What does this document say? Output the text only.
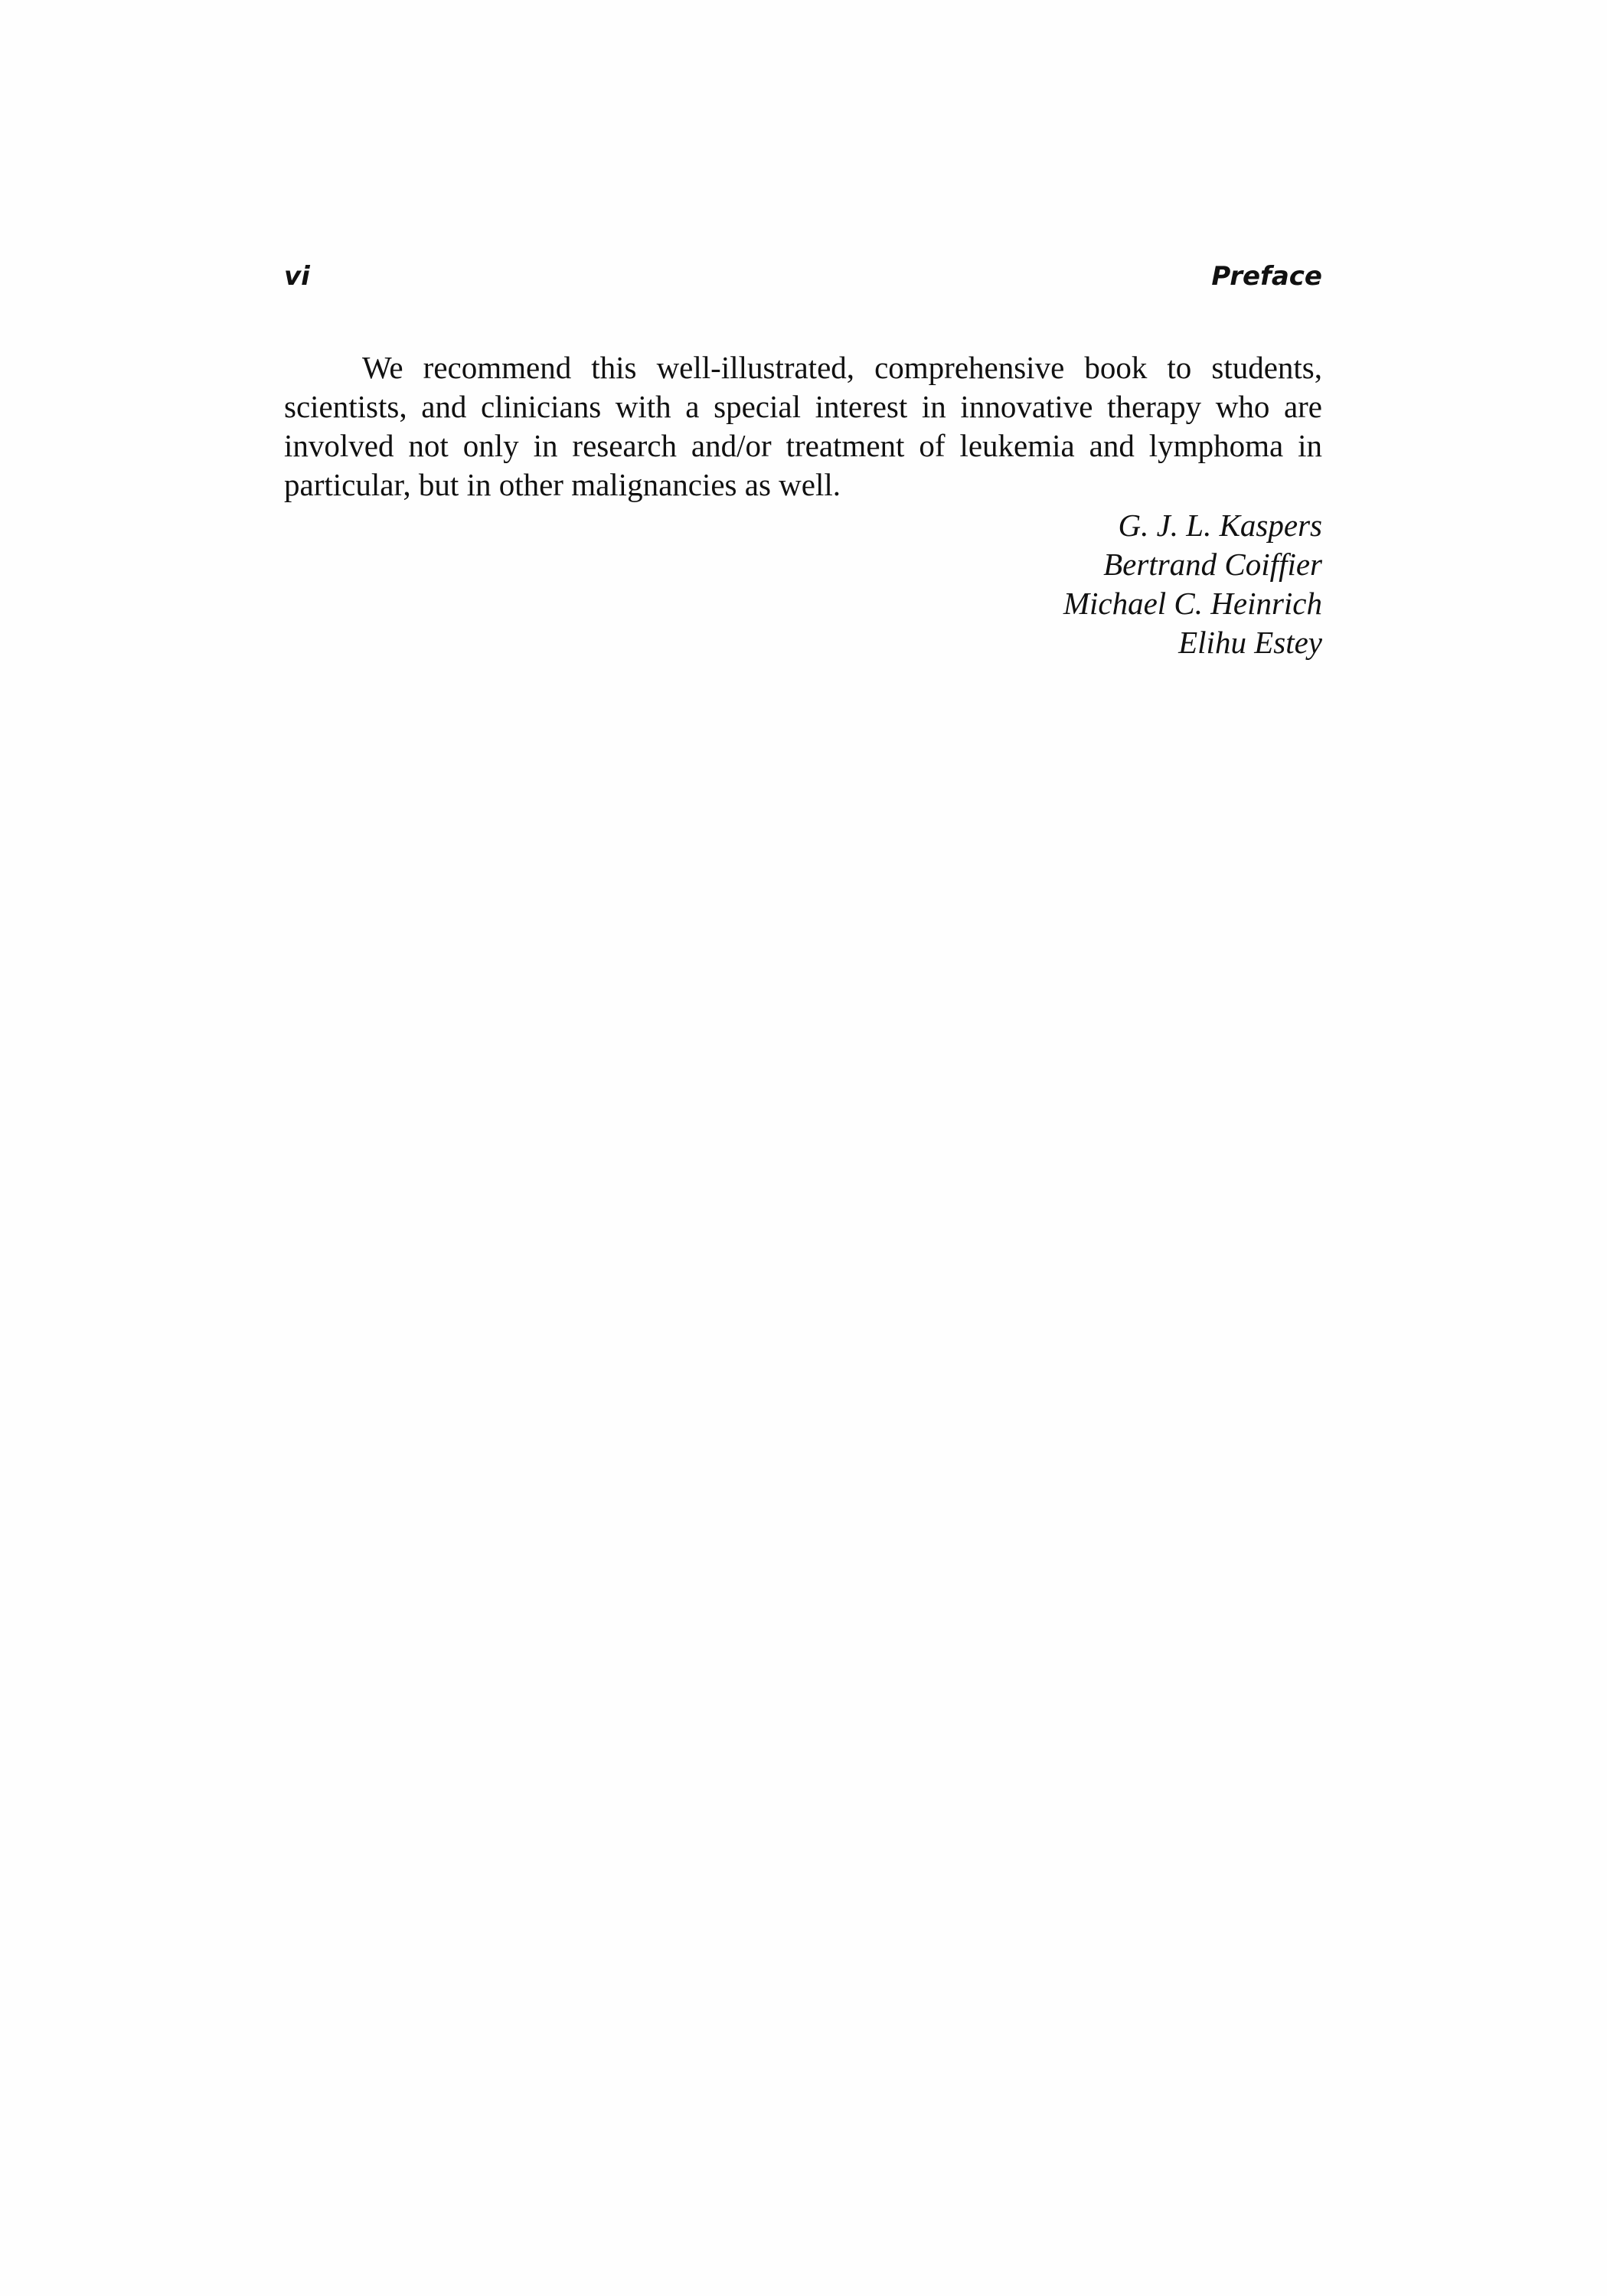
vi	Preface

We recommend this well-illustrated, comprehensive book to students, scientists, and clinicians with a special interest in innovative therapy who are involved not only in research and/or treatment of leukemia and lymphoma in particular, but in other malignancies as well.

G. J. L. Kaspers
Bertrand Coiffier
Michael C. Heinrich
Elihu Estey
